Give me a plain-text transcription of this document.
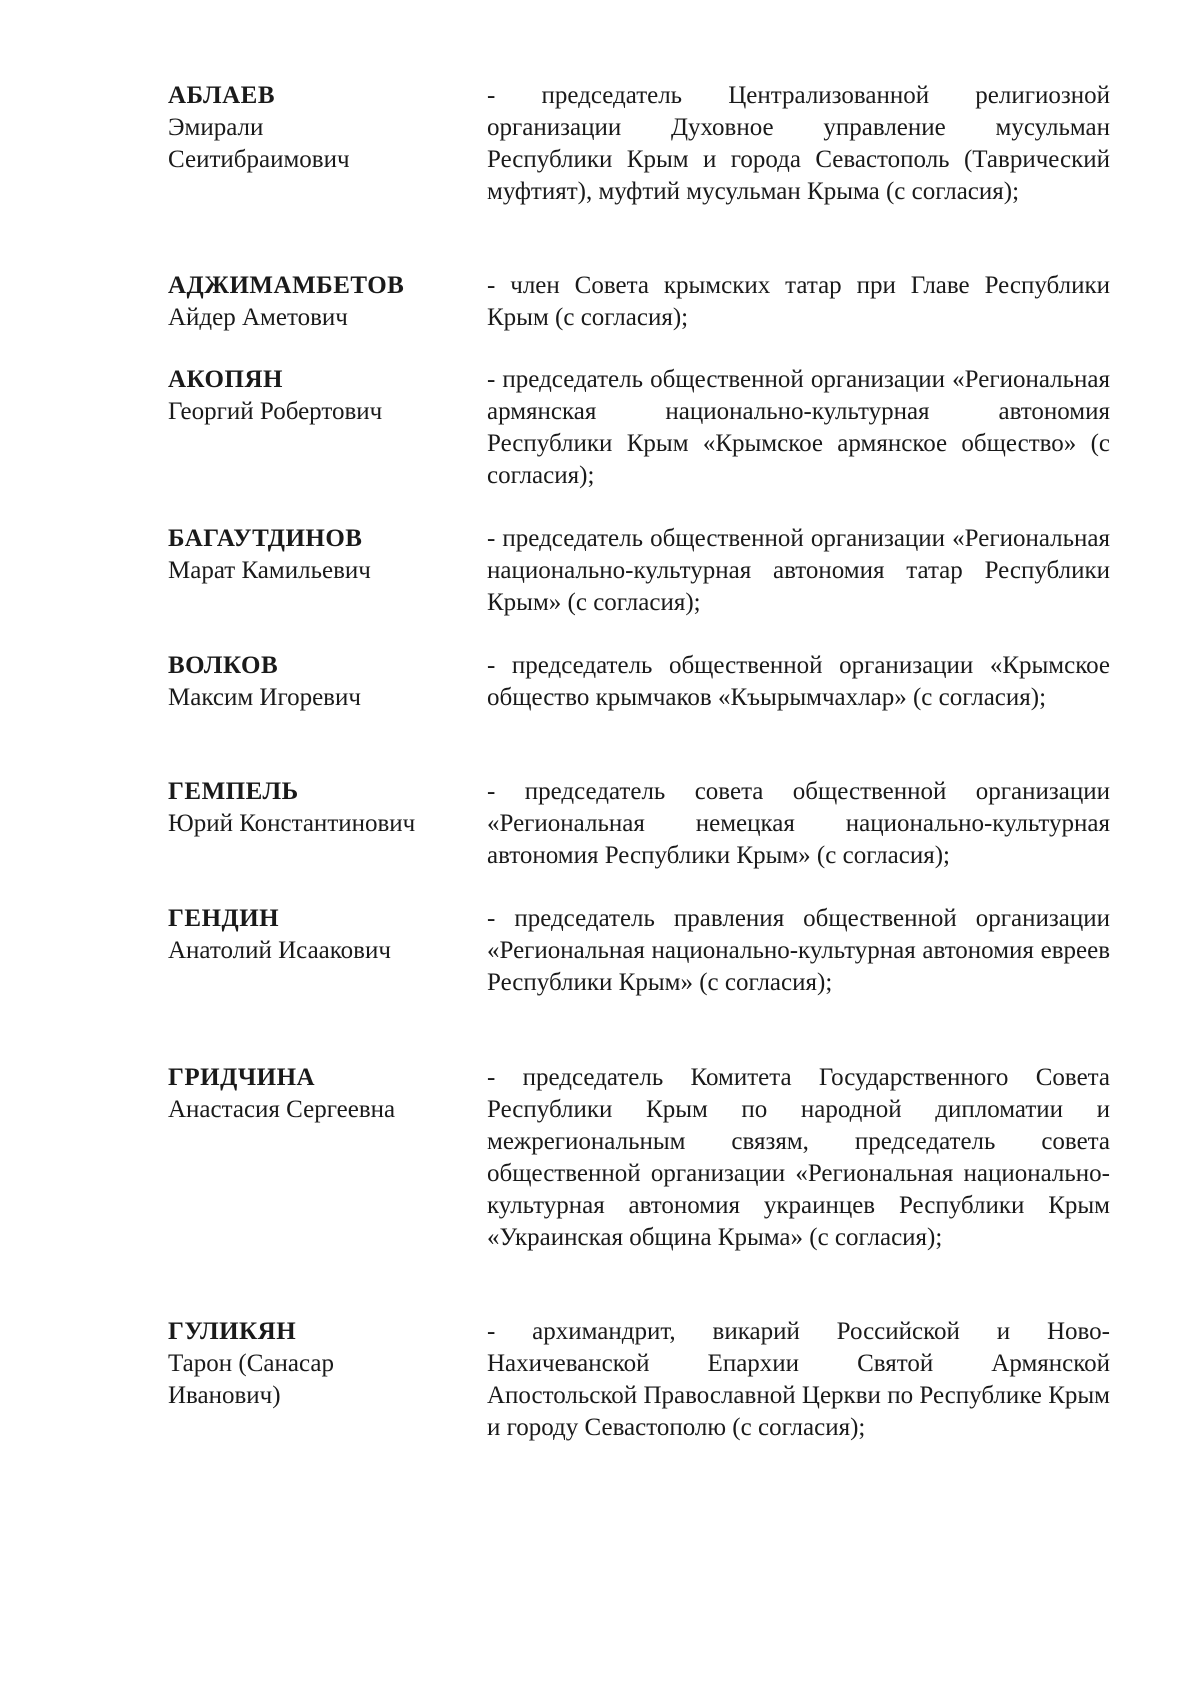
АБЛАЕВ
Эмирали
Сеитибраимович
- председатель Централизованной религиозной организации Духовное управление мусульман Республики Крым и города Севастополь (Таврический муфтият), муфтий мусульман Крыма (с согласия);
АДЖИМАМБЕТОВ
Айдер Аметович
- член Совета крымских татар при Главе Республики Крым (с согласия);
АКОПЯН
Георгий Робертович
- председатель общественной организации «Региональная армянская национально-культурная автономия Республики Крым «Крымское армянское общество» (с согласия);
БАГАУТДИНОВ
Марат Камильевич
- председатель общественной организации «Региональная национально-культурная автономия татар Республики Крым» (с согласия);
ВОЛКОВ
Максим Игоревич
- председатель общественной организации «Крымское общество крымчаков «Къырымчахлар» (с согласия);
ГЕМПЕЛЬ
Юрий Константинович
- председатель совета общественной организации «Региональная немецкая национально-культурная автономия Республики Крым» (с согласия);
ГЕНДИН
Анатолий Исаакович
- председатель правления общественной организации «Региональная национально-культурная автономия евреев Республики Крым» (с согласия);
ГРИДЧИНА
Анастасия Сергеевна
- председатель Комитета Государственного Совета Республики Крым по народной дипломатии и межрегиональным связям, председатель совета общественной организации «Региональная национально-культурная автономия украинцев Республики Крым «Украинская община Крыма» (с согласия);
ГУЛИКЯН
Тарон (Санасар
Иванович)
- архимандрит, викарий Российской и Ново-Нахичеванской Епархии Святой Армянской Апостольской Православной Церкви по Республике Крым и городу Севастополю (с согласия);
